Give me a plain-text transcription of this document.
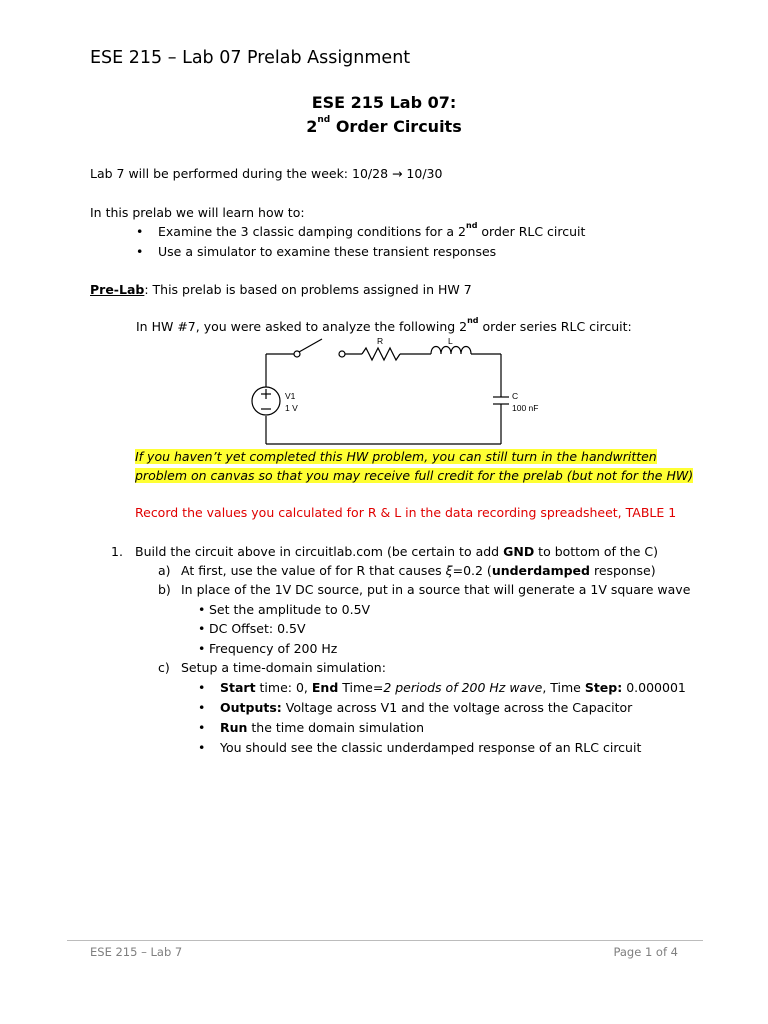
ESE 215 – Lab 07 Prelab Assignment
ESE 215 Lab 07:
2nd Order Circuits
Lab 7 will be performed during the week: 10/28 → 10/30
In this prelab we will learn how to:
• Examine the 3 classic damping conditions for a 2nd order RLC circuit
• Use a simulator to examine these transient responses
Pre-Lab: This prelab is based on problems assigned in HW 7
In HW #7, you were asked to analyze the following 2nd order series RLC circuit:
R	L
V1
1 V
C
100 nF
If you haven’t yet completed this HW problem, you can still turn in the handwritten
problem on canvas so that you may receive full credit for the prelab (but not for the HW)
Record the values you calculated for R & L in the data recording spreadsheet, TABLE 1
1. Build the circuit above in circuitlab.com (be certain to add GND to bottom of the C)
a) At first, use the value of for R that causes ξ=0.2 (underdamped response)
b) In place of the 1V DC source, put in a source that will generate a 1V square wave
• Set the amplitude to 0.5V
• DC Offset: 0.5V
• Frequency of 200 Hz
c) Setup a time-domain simulation:
• Start time: 0, End Time=2 periods of 200 Hz wave, Time Step: 0.000001
• Outputs: Voltage across V1 and the voltage across the Capacitor
• Run the time domain simulation
• You should see the classic underdamped response of an RLC circuit
ESE 215 – Lab 7	Page 1 of 4
